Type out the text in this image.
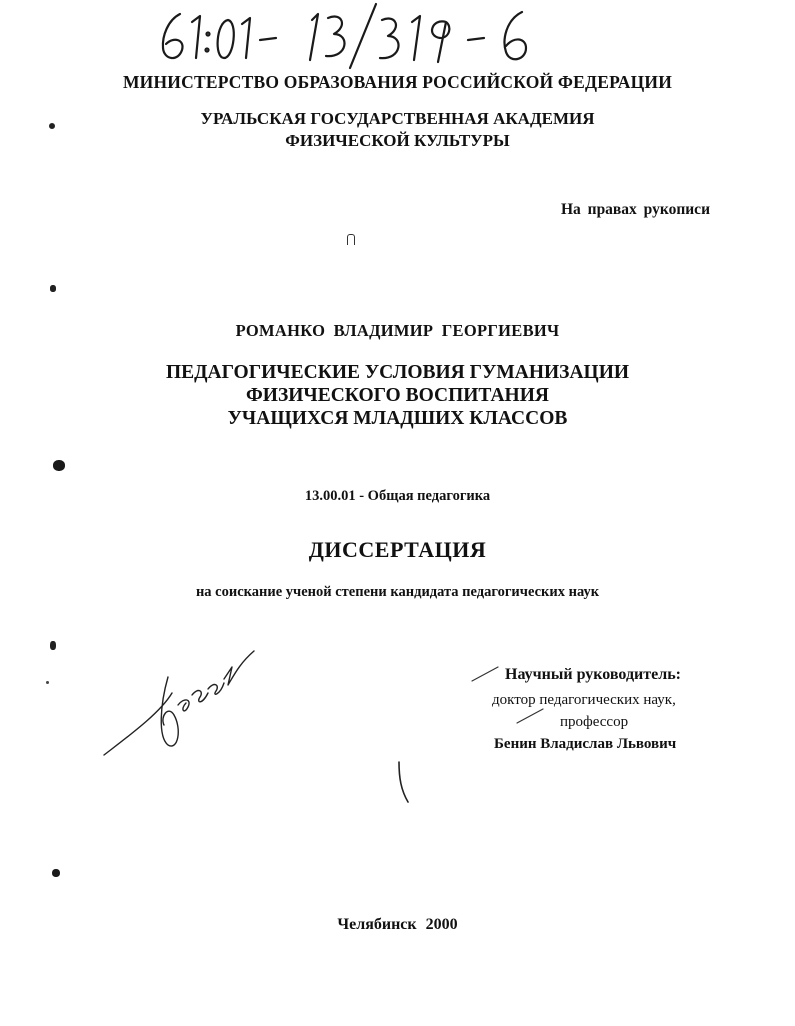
МИНИСТЕРСТВО ОБРАЗОВАНИЯ РОССИЙСКОЙ ФЕДЕРАЦИИ
УРАЛЬСКАЯ ГОСУДАРСТВЕННАЯ АКАДЕМИЯ
ФИЗИЧЕСКОЙ КУЛЬТУРЫ
На правах рукописи
РОМАНКО ВЛАДИМИР ГЕОРГИЕВИЧ
ПЕДАГОГИЧЕСКИЕ УСЛОВИЯ ГУМАНИЗАЦИИ
ФИЗИЧЕСКОГО ВОСПИТАНИЯ
УЧАЩИХСЯ МЛАДШИХ КЛАССОВ
13.00.01 - Общая педагогика
ДИССЕРТАЦИЯ
на соискание ученой степени кандидата педагогических наук
Научный руководитель:
доктор педагогических наук,
профессор
Бенин Владислав Львович
Челябинск 2000
